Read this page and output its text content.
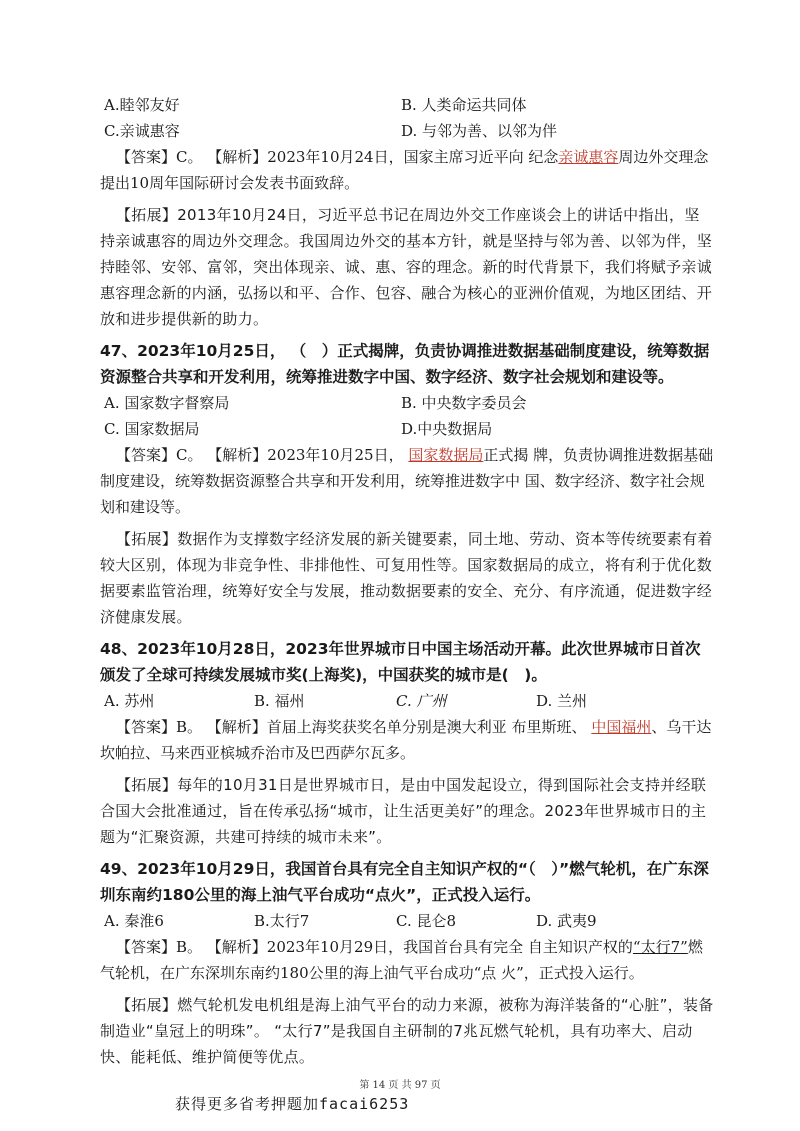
A.睦邻友好	B. 人类命运共同体
C.亲诚惠容	D. 与邻为善、以邻为伴

【答案】C。 【解析】2023年10月24日，国家主席习近平向 纪念亲诚惠容周边外交理念提出10周年国际研讨会发表书面致辞。

【拓展】2013年10月24日，习近平总书记在周边外交工作座谈会上的讲话中指出，坚持亲诚惠容的周边外交理念。我国周边外交的基本方针，就是坚持与邻为善、以邻为伴，坚持睦邻、安邻、富邻，突出体现亲、诚、惠、容的理念。新的时代背景下，我们将赋予亲诚惠容理念新的内涵，弘扬以和平、合作、包容、融合为核心的亚洲价值观，为地区团结、开放和进步提供新的助力。

47、2023年10月25日， （　）正式揭牌，负责协调推进数据基础制度建设，统筹数据资源整合共享和开发利用，统筹推进数字中国、数字经济、数字社会规划和建设等。

A. 国家数字督察局	B. 中央数字委员会
C. 国家数据局	D.中央数据局

【答案】C。 【解析】2023年10月25日， 国家数据局正式揭 牌，负责协调推进数据基础制度建设，统筹数据资源整合共享和开发利用，统筹推进数字中 国、数字经济、数字社会规划和建设等。

【拓展】数据作为支撑数字经济发展的新关键要素，同土地、劳动、资本等传统要素有着较大区别，体现为非竞争性、非排他性、可复用性等。国家数据局的成立，将有利于优化数据要素监管治理，统筹好安全与发展，推动数据要素的安全、充分、有序流通，促进数字经济健康发展。

48、2023年10月28日，2023年世界城市日中国主场活动开幕。此次世界城市日首次颁发了全球可持续发展城市奖(上海奖)，中国获奖的城市是(　)。

A. 苏州	B. 福州	C. 广州	D. 兰州

【答案】B。 【解析】首届上海奖获奖名单分别是澳大利亚 布里斯班、 中国福州、乌干达坎帕拉、马来西亚槟城乔治市及巴西萨尔瓦多。

【拓展】每年的10月31日是世界城市日，是由中国发起设立，得到国际社会支持并经联合国大会批准通过，旨在传承弘扬“城市，让生活更美好”的理念。2023年世界城市日的主题为“汇聚资源，共建可持续的城市未来”。

49、2023年10月29日，我国首台具有完全自主知识产权的“（　）”燃气轮机，在广东深圳东南约180公里的海上油气平台成功“点火”，正式投入运行。

A. 秦淮6	B.太行7	C. 昆仑8	D. 武夷9

【答案】B。 【解析】2023年10月29日，我国首台具有完全 自主知识产权的“太行7”燃气轮机，在广东深圳东南约180公里的海上油气平台成功“点 火”，正式投入运行。

【拓展】燃气轮机发电机组是海上油气平台的动力来源，被称为海洋装备的“心脏”，装备制造业“皇冠上的明珠”。 “太行7”是我国自主研制的7兆瓦燃气轮机，具有功率大、启动快、能耗低、维护简便等优点。

第 14 页 共 97 页
获得更多省考押题加facai6253
